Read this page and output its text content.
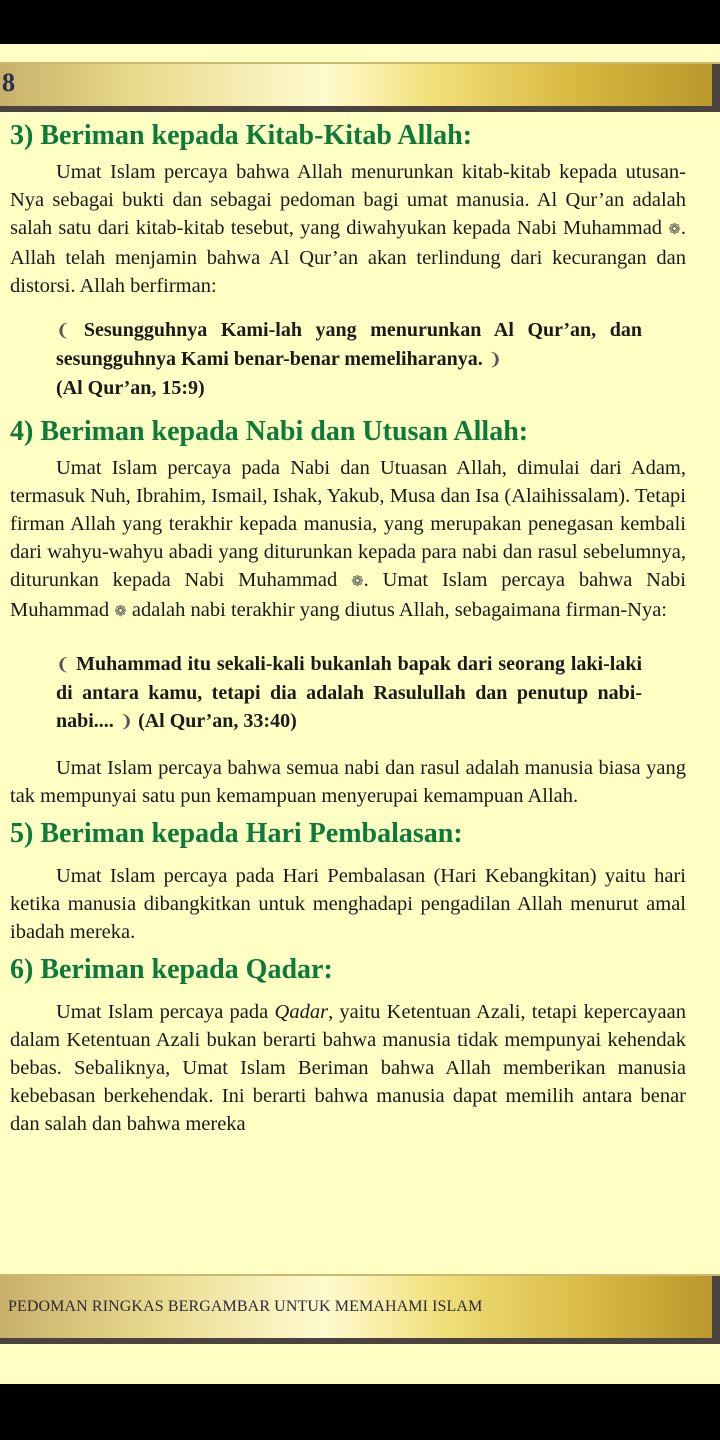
8
3) Beriman kepada Kitab-Kitab Allah:

Umat Islam percaya bahwa Allah menurunkan kitab-kitab kepada utusan-Nya sebagai bukti dan sebagai pedoman bagi umat manusia. Al Qur’an adalah salah satu dari kitab-kitab tesebut, yang diwahyukan kepada Nabi Muhammad ❁. Allah telah menjamin bahwa Al Qur’an akan terlindung dari kecurangan dan distorsi. Allah berfirman:

❨ Sesungguhnya Kami-lah yang menurunkan Al Qur’an, dan sesungguhnya Kami benar-benar memeliharanya. ❩
(Al Qur’an, 15:9)
4) Beriman kepada Nabi dan Utusan Allah:

Umat Islam percaya pada Nabi dan Utuasan Allah, dimulai dari Adam, termasuk Nuh, Ibrahim, Ismail, Ishak, Yakub, Musa dan Isa (Alaihissalam). Tetapi firman Allah yang terakhir kepada manusia, yang merupakan penegasan kembali dari wahyu-wahyu abadi yang diturunkan kepada para nabi dan rasul sebelumnya, diturunkan kepada Nabi Muhammad ❁. Umat Islam percaya bahwa Nabi Muhammad ❁ adalah nabi terakhir yang diutus Allah, sebagaimana firman-Nya:

❨ Muhammad itu sekali-kali bukanlah bapak dari seorang laki-laki di antara kamu, tetapi dia adalah Rasulullah dan penutup nabi-nabi.... ❩ (Al Qur’an, 33:40)

Umat Islam percaya bahwa semua nabi dan rasul adalah manusia biasa yang tak mempunyai satu pun kemampuan menyerupai kemampuan Allah.

5) Beriman kepada Hari Pembalasan:

Umat Islam percaya pada Hari Pembalasan (Hari Kebangkitan) yaitu hari ketika manusia dibangkitkan untuk menghadapi pengadilan Allah menurut amal ibadah mereka.

6) Beriman kepada Qadar:

Umat Islam percaya pada Qadar, yaitu Ketentuan Azali, tetapi kepercayaan dalam Ketentuan Azali bukan berarti bahwa manusia tidak mempunyai kehendak bebas. Sebaliknya, Umat Islam Beriman bahwa Allah memberikan manusia kebebasan berkehendak. Ini berarti bahwa manusia dapat memilih antara benar dan salah dan bahwa mereka

PEDOMAN RINGKAS BERGAMBAR UNTUK MEMAHAMI ISLAM
